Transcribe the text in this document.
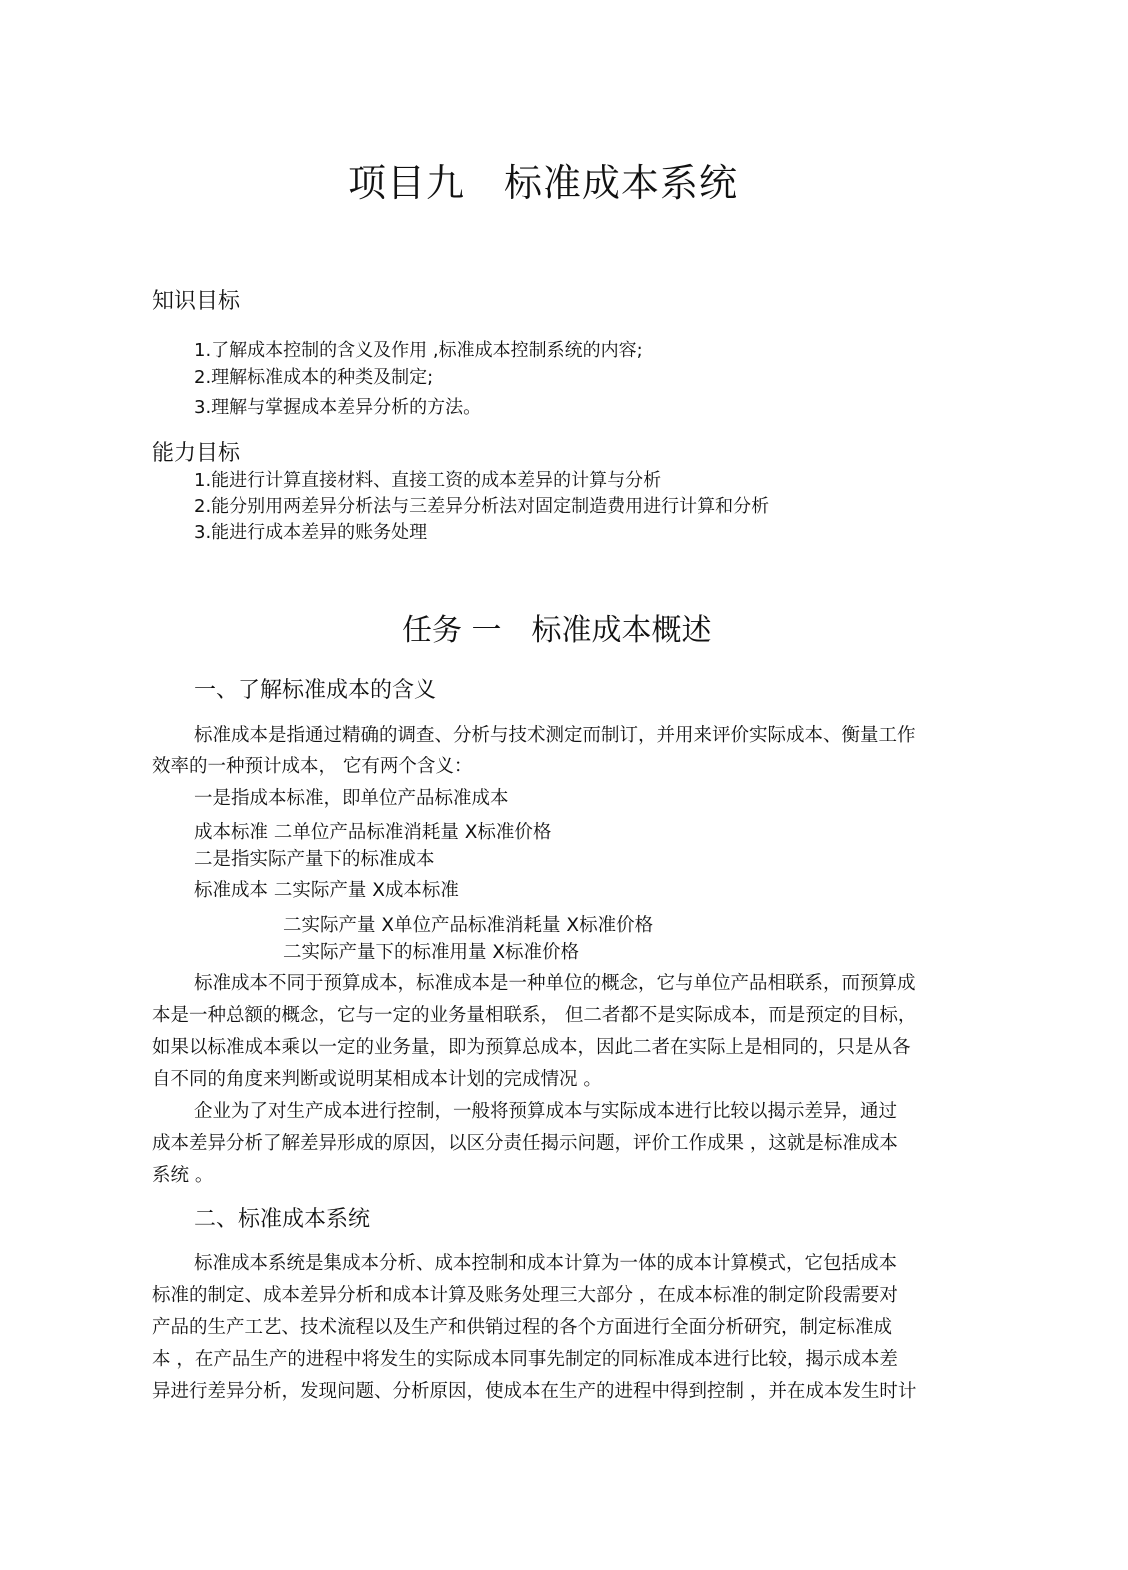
项目九　标准成本系统
知识目标
1.了解成本控制的含义及作用 ,标准成本控制系统的内容;
2.理解标准成本的种类及制定;
3.理解与掌握成本差异分析的方法。
能力目标
1.能进行计算直接材料、直接工资的成本差异的计算与分析
2.能分别用两差异分析法与三差异分析法对固定制造费用进行计算和分析
3.能进行成本差异的账务处理
任务 一　标准成本概述
一、了解标准成本的含义
标准成本是指通过精确的调查、分析与技术测定而制订，并用来评价实际成本、衡量工作
效率的一种预计成本， 它有两个含义：
一是指成本标准，即单位产品标准成本
成本标准 二单位产品标准消耗量 X标准价格
二是指实际产量下的标准成本
标准成本 二实际产量 X成本标准
二实际产量 X单位产品标准消耗量 X标准价格
二实际产量下的标准用量 X标准价格
标准成本不同于预算成本，标准成本是一种单位的概念，它与单位产品相联系，而预算成
本是一种总额的概念，它与一定的业务量相联系， 但二者都不是实际成本，而是预定的目标，
如果以标准成本乘以一定的业务量，即为预算总成本，因此二者在实际上是相同的，只是从各
自不同的角度来判断或说明某相成本计划的完成情况 。
企业为了对生产成本进行控制，一般将预算成本与实际成本进行比较以揭示差异，通过
成本差异分析了解差异形成的原因，以区分责任揭示问题，评价工作成果 ，这就是标准成本
系统 。
二、标准成本系统
标准成本系统是集成本分析、成本控制和成本计算为一体的成本计算模式，它包括成本
标准的制定、成本差异分析和成本计算及账务处理三大部分 ，在成本标准的制定阶段需要对
产品的生产工艺、技术流程以及生产和供销过程的各个方面进行全面分析研究，制定标准成
本 ，在产品生产的进程中将发生的实际成本同事先制定的同标准成本进行比较，揭示成本差
异进行差异分析，发现问题、分析原因，使成本在生产的进程中得到控制 ，并在成本发生时计
